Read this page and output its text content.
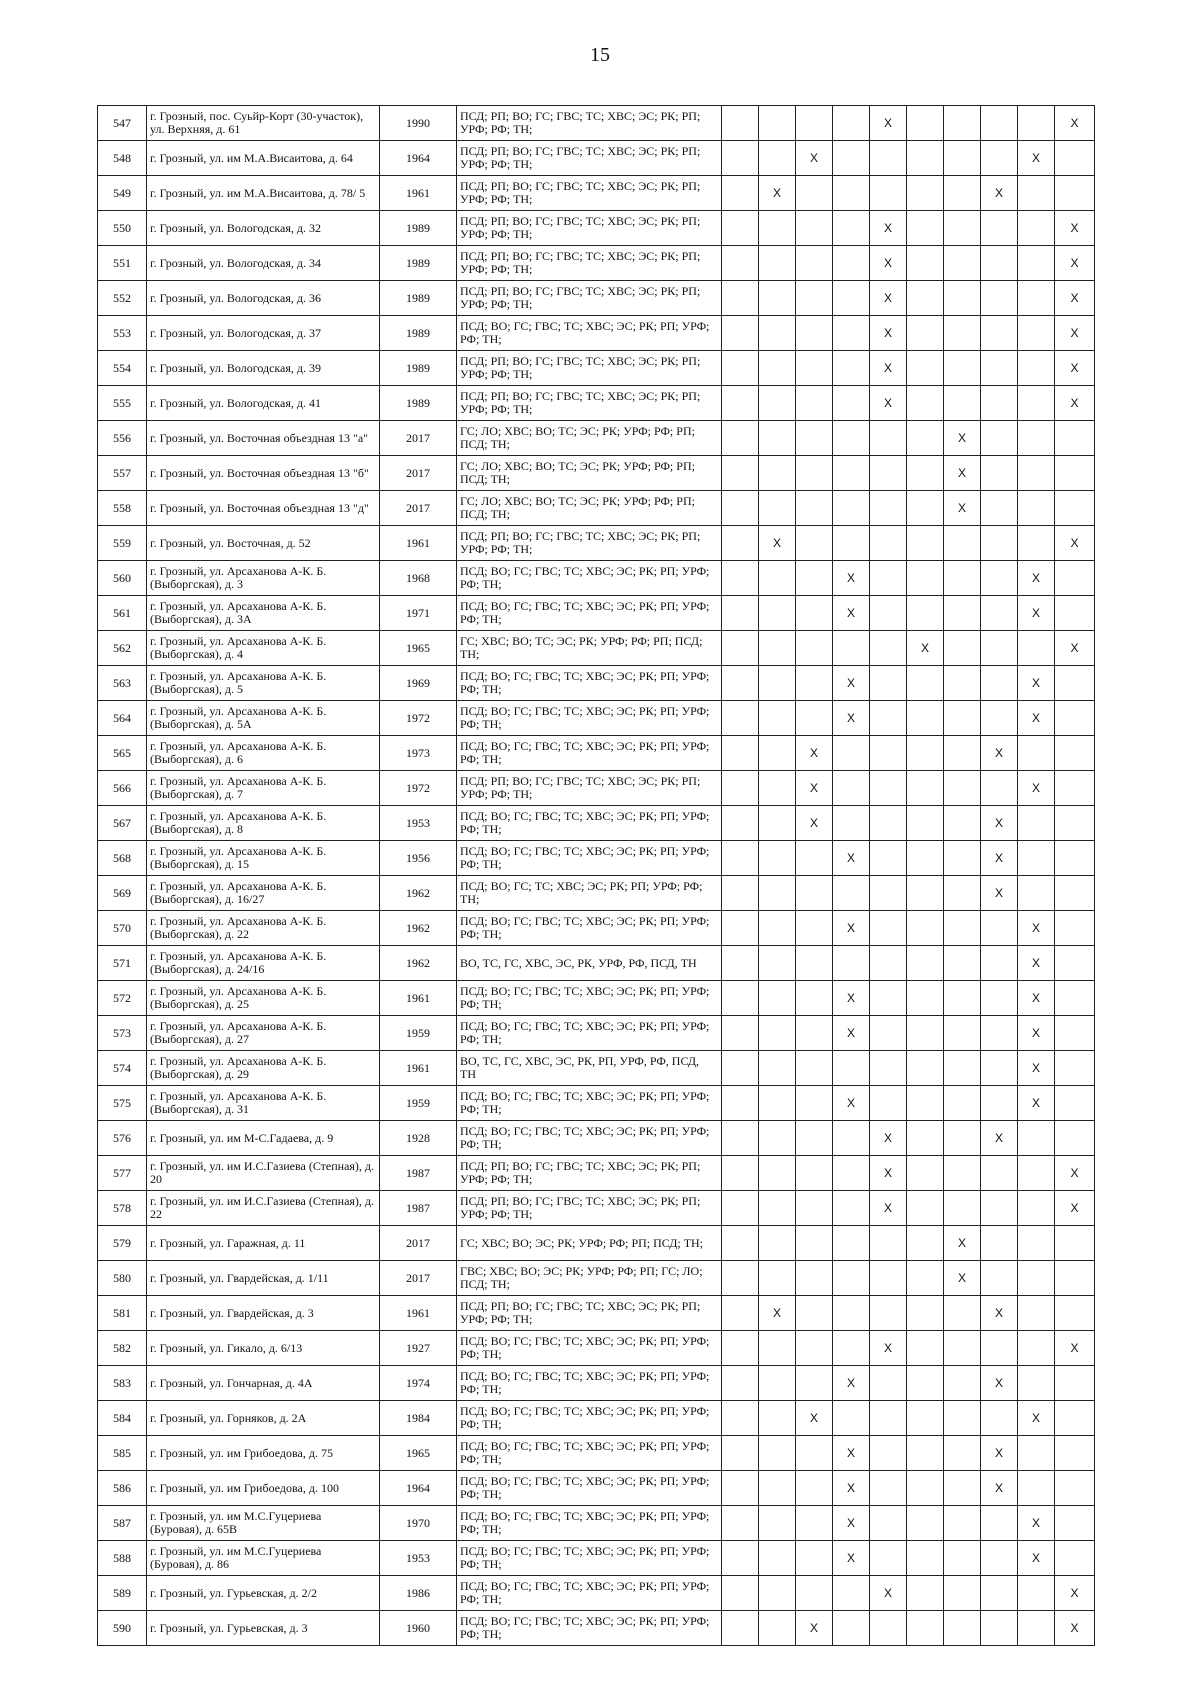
15
547	г. Грозный, пос. Суьйр-Корт (30-участок), ул. Верхняя, д. 61	1990	ПСД; РП; ВО; ГС; ГВС; ТС; ХВС; ЭС; РК; РП; УРФ; РФ; ТН;					X					X
548	г. Грозный, ул. им М.А.Висаитова, д. 64	1964	ПСД; РП; ВО; ГС; ГВС; ТС; ХВС; ЭС; РК; РП; УРФ; РФ; ТН;			X						X	
549	г. Грозный, ул. им М.А.Висаитова, д. 78/ 5	1961	ПСД; РП; ВО; ГС; ГВС; ТС; ХВС; ЭС; РК; РП; УРФ; РФ; ТН;		X						X		
550	г. Грозный, ул. Вологодская, д. 32	1989	ПСД; РП; ВО; ГС; ГВС; ТС; ХВС; ЭС; РК; РП; УРФ; РФ; ТН;					X					X
551	г. Грозный, ул. Вологодская, д. 34	1989	ПСД; РП; ВО; ГС; ГВС; ТС; ХВС; ЭС; РК; РП; УРФ; РФ; ТН;					X					X
552	г. Грозный, ул. Вологодская, д. 36	1989	ПСД; РП; ВО; ГС; ГВС; ТС; ХВС; ЭС; РК; РП; УРФ; РФ; ТН;					X					X
553	г. Грозный, ул. Вологодская, д. 37	1989	ПСД; ВО; ГС; ГВС; ТС; ХВС; ЭС; РК; РП; УРФ; РФ; ТН;					X					X
554	г. Грозный, ул. Вологодская, д. 39	1989	ПСД; РП; ВО; ГС; ГВС; ТС; ХВС; ЭС; РК; РП; УРФ; РФ; ТН;					X					X
555	г. Грозный, ул. Вологодская, д. 41	1989	ПСД; РП; ВО; ГС; ГВС; ТС; ХВС; ЭС; РК; РП; УРФ; РФ; ТН;					X					X
556	г. Грозный, ул. Восточная объездная 13 "а"	2017	ГС; ЛО; ХВС; ВО; ТС; ЭС; РК; УРФ; РФ; РП; ПСД; ТН;							X			
557	г. Грозный, ул. Восточная объездная 13 "б"	2017	ГС; ЛО; ХВС; ВО; ТС; ЭС; РК; УРФ; РФ; РП; ПСД; ТН;							X			
558	г. Грозный, ул. Восточная объездная 13 "д"	2017	ГС; ЛО; ХВС; ВО; ТС; ЭС; РК; УРФ; РФ; РП; ПСД; ТН;							X			
559	г. Грозный, ул. Восточная, д. 52	1961	ПСД; РП; ВО; ГС; ГВС; ТС; ХВС; ЭС; РК; РП; УРФ; РФ; ТН;		X								X
560	г. Грозный, ул. Арсаханова А-К. Б. (Выборгская), д. 3	1968	ПСД; ВО; ГС; ГВС; ТС; ХВС; ЭС; РК; РП; УРФ; РФ; ТН;				X					X	
561	г. Грозный, ул. Арсаханова А-К. Б. (Выборгская), д. 3А	1971	ПСД; ВО; ГС; ГВС; ТС; ХВС; ЭС; РК; РП; УРФ; РФ; ТН;				X					X	
562	г. Грозный, ул. Арсаханова А-К. Б. (Выборгская), д. 4	1965	ГС; ХВС; ВО; ТС; ЭС; РК; УРФ; РФ; РП; ПСД; ТН;						X				X
563	г. Грозный, ул. Арсаханова А-К. Б. (Выборгская), д. 5	1969	ПСД; ВО; ГС; ГВС; ТС; ХВС; ЭС; РК; РП; УРФ; РФ; ТН;				X					X	
564	г. Грозный, ул. Арсаханова А-К. Б. (Выборгская), д. 5А	1972	ПСД; ВО; ГС; ГВС; ТС; ХВС; ЭС; РК; РП; УРФ; РФ; ТН;				X					X	
565	г. Грозный, ул. Арсаханова А-К. Б. (Выборгская), д. 6	1973	ПСД; ВО; ГС; ГВС; ТС; ХВС; ЭС; РК; РП; УРФ; РФ; ТН;			X					X		
566	г. Грозный, ул. Арсаханова А-К. Б. (Выборгская), д. 7	1972	ПСД; РП; ВО; ГС; ГВС; ТС; ХВС; ЭС; РК; РП; УРФ; РФ; ТН;			X						X	
567	г. Грозный, ул. Арсаханова А-К. Б. (Выборгская), д. 8	1953	ПСД; ВО; ГС; ГВС; ТС; ХВС; ЭС; РК; РП; УРФ; РФ; ТН;			X					X		
568	г. Грозный, ул. Арсаханова А-К. Б. (Выборгская), д. 15	1956	ПСД; ВО; ГС; ГВС; ТС; ХВС; ЭС; РК; РП; УРФ; РФ; ТН;				X				X		
569	г. Грозный, ул. Арсаханова А-К. Б.(Выборгская), д. 16/27	1962	ПСД; ВО; ГС; ТС; ХВС; ЭС; РК; РП; УРФ; РФ; ТН;								X		
570	г. Грозный, ул. Арсаханова А-К. Б. (Выборгская), д. 22	1962	ПСД; ВО; ГС; ГВС; ТС; ХВС; ЭС; РК; РП; УРФ; РФ; ТН;				X					X	
571	г. Грозный, ул. Арсаханова А-К. Б. (Выборгская), д. 24/16	1962	ВО, ТС, ГС, ХВС, ЭС, РК, УРФ, РФ, ПСД, ТН									X	
572	г. Грозный, ул. Арсаханова А-К. Б. (Выборгская), д. 25	1961	ПСД; ВО; ГС; ГВС; ТС; ХВС; ЭС; РК; РП; УРФ; РФ; ТН;				X					X	
573	г. Грозный, ул. Арсаханова А-К. Б. (Выборгская), д. 27	1959	ПСД; ВО; ГС; ГВС; ТС; ХВС; ЭС; РК; РП; УРФ; РФ; ТН;				X					X	
574	г. Грозный, ул. Арсаханова А-К. Б. (Выборгская), д. 29	1961	ВО, ТС, ГС, ХВС, ЭС, РК, РП, УРФ, РФ, ПСД, ТН									X	
575	г. Грозный, ул. Арсаханова А-К. Б. (Выборгская), д. 31	1959	ПСД; ВО; ГС; ГВС; ТС; ХВС; ЭС; РК; РП; УРФ; РФ; ТН;				X					X	
576	г. Грозный, ул. им М-С.Гадаева, д. 9	1928	ПСД; ВО; ГС; ГВС; ТС; ХВС; ЭС; РК; РП; УРФ; РФ; ТН;					X			X		
577	г. Грозный, ул. им И.С.Газиева (Степная), д. 20	1987	ПСД; РП; ВО; ГС; ГВС; ТС; ХВС; ЭС; РК; РП; УРФ; РФ; ТН;					X					X
578	г. Грозный, ул. им И.С.Газиева (Степная), д. 22	1987	ПСД; РП; ВО; ГС; ГВС; ТС; ХВС; ЭС; РК; РП; УРФ; РФ; ТН;					X					X
579	г. Грозный, ул. Гаражная, д. 11	2017	ГС; ХВС; ВО; ЭС; РК; УРФ; РФ; РП; ПСД; ТН;							X			
580	г. Грозный, ул. Гвардейская, д. 1/11	2017	ГВС; ХВС; ВО; ЭС; РК; УРФ; РФ; РП; ГС; ЛО; ПСД; ТН;							X			
581	г. Грозный, ул. Гвардейская, д. 3	1961	ПСД; РП; ВО; ГС; ГВС; ТС; ХВС; ЭС; РК; РП; УРФ; РФ; ТН;		X						X		
582	г. Грозный, ул. Гикало, д. 6/13	1927	ПСД; ВО; ГС; ГВС; ТС; ХВС; ЭС; РК; РП; УРФ; РФ; ТН;					X					X
583	г. Грозный, ул. Гончарная, д. 4А	1974	ПСД; ВО; ГС; ГВС; ТС; ХВС; ЭС; РК; РП; УРФ; РФ; ТН;				X				X		
584	г. Грозный, ул. Горняков, д. 2А	1984	ПСД; ВО; ГС; ГВС; ТС; ХВС; ЭС; РК; РП; УРФ; РФ; ТН;			X						X	
585	г. Грозный, ул. им Грибоедова, д. 75	1965	ПСД; ВО; ГС; ГВС; ТС; ХВС; ЭС; РК; РП; УРФ; РФ; ТН;				X				X		
586	г. Грозный, ул. им Грибоедова, д. 100	1964	ПСД; ВО; ГС; ГВС; ТС; ХВС; ЭС; РК; РП; УРФ; РФ; ТН;				X				X		
587	г. Грозный, ул. им М.С.Гуцериева (Буровая), д. 65В	1970	ПСД; ВО; ГС; ГВС; ТС; ХВС; ЭС; РК; РП; УРФ; РФ; ТН;				X					X	
588	г. Грозный, ул. им М.С.Гуцериева (Буровая), д. 86	1953	ПСД; ВО; ГС; ГВС; ТС; ХВС; ЭС; РК; РП; УРФ; РФ; ТН;				X					X	
589	г. Грозный, ул. Гурьевская, д. 2/2	1986	ПСД; ВО; ГС; ГВС; ТС; ХВС; ЭС; РК; РП; УРФ; РФ; ТН;					X					X
590	г. Грозный, ул. Гурьевская, д. 3	1960	ПСД; ВО; ГС; ГВС; ТС; ХВС; ЭС; РК; РП; УРФ; РФ; ТН;			X							X
